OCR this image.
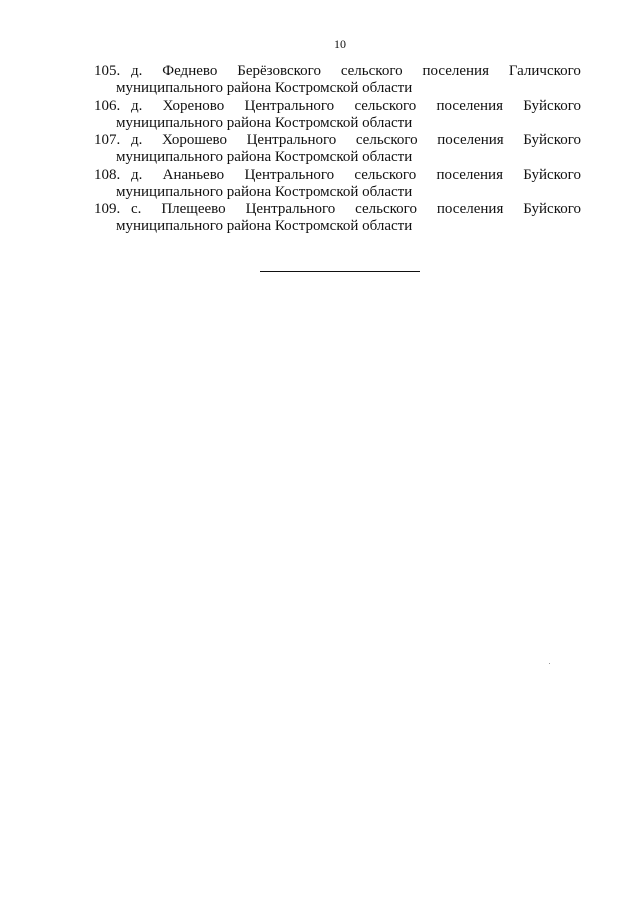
10
105. д. Феднево Берёзовского сельского поселения Галичского
муниципального района Костромской области
106. д. Хореново Центрального сельского поселения Буйского
муниципального района Костромской области
107. д. Хорошево Центрального сельского поселения Буйского
муниципального района Костромской области
108. д. Ананьево Центрального сельского поселения Буйского
муниципального района Костромской области
109. с. Плещеево Центрального сельского поселения Буйского
муниципального района Костромской области
